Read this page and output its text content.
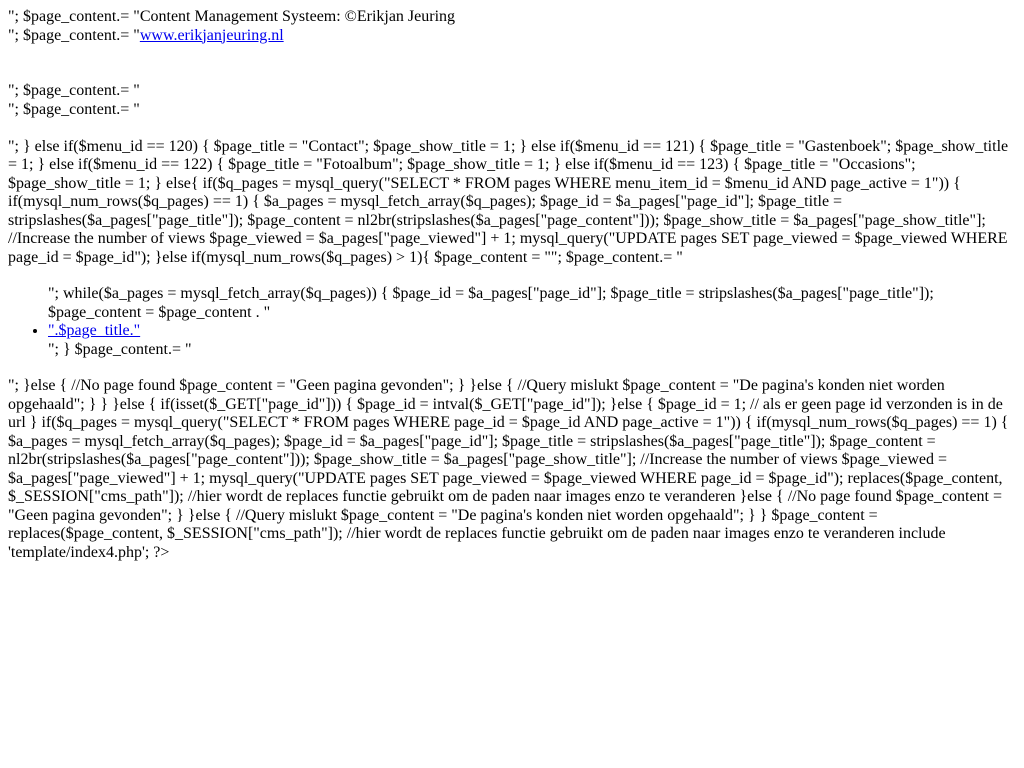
"; $page_content.= "Content Management Systeem: ©Erikjan Jeuring
"; $page_content.= "www.erikjanjeuring.nl
"; $page_content.= "
"; $page_content.= "

"; } else if($menu_id == 120) { $page_title = "Contact"; $page_show_title = 1; } else if($menu_id == 121) { $page_title = "Gastenboek"; $page_show_title = 1; } else if($menu_id == 122) { $page_title = "Fotoalbum"; $page_show_title = 1; } else if($menu_id == 123) { $page_title = "Occasions"; $page_show_title = 1; } else{ if($q_pages = mysql_query("SELECT * FROM pages WHERE menu_item_id = $menu_id AND page_active = 1")) { if(mysql_num_rows($q_pages) == 1) { $a_pages = mysql_fetch_array($q_pages); $page_id = $a_pages["page_id"]; $page_title = stripslashes($a_pages["page_title"]); $page_content = nl2br(stripslashes($a_pages["page_content"])); $page_show_title = $a_pages["page_show_title"]; //Increase the number of views $page_viewed = $a_pages["page_viewed"] + 1; mysql_query("UPDATE pages SET page_viewed = $page_viewed WHERE page_id = $page_id"); }else if(mysql_num_rows($q_pages) > 1){ $page_content = ""; $page_content.= "

"; while($a_pages = mysql_fetch_array($q_pages)) { $page_id = $a_pages["page_id"]; $page_title = stripslashes($a_pages["page_title"]); $page_content = $page_content . "
• ".$page_title."
"; } $page_content.= "

"; }else { //No page found $page_content = "Geen pagina gevonden"; } }else { //Query mislukt $page_content = "De pagina's konden niet worden opgehaald"; } } }else { if(isset($_GET["page_id"])) { $page_id = intval($_GET["page_id"]); }else { $page_id = 1; // als er geen page id verzonden is in de url } if($q_pages = mysql_query("SELECT * FROM pages WHERE page_id = $page_id AND page_active = 1")) { if(mysql_num_rows($q_pages) == 1) { $a_pages = mysql_fetch_array($q_pages); $page_id = $a_pages["page_id"]; $page_title = stripslashes($a_pages["page_title"]); $page_content = nl2br(stripslashes($a_pages["page_content"])); $page_show_title = $a_pages["page_show_title"]; //Increase the number of views $page_viewed = $a_pages["page_viewed"] + 1; mysql_query("UPDATE pages SET page_viewed = $page_viewed WHERE page_id = $page_id"); replaces($page_content, $_SESSION["cms_path"]); //hier wordt de replaces functie gebruikt om de paden naar images enzo te veranderen }else { //No page found $page_content = "Geen pagina gevonden"; } }else { //Query mislukt $page_content = "De pagina's konden niet worden opgehaald"; } } $page_content = replaces($page_content, $_SESSION["cms_path"]); //hier wordt de replaces functie gebruikt om de paden naar images enzo te veranderen include 'template/index4.php'; ?>
